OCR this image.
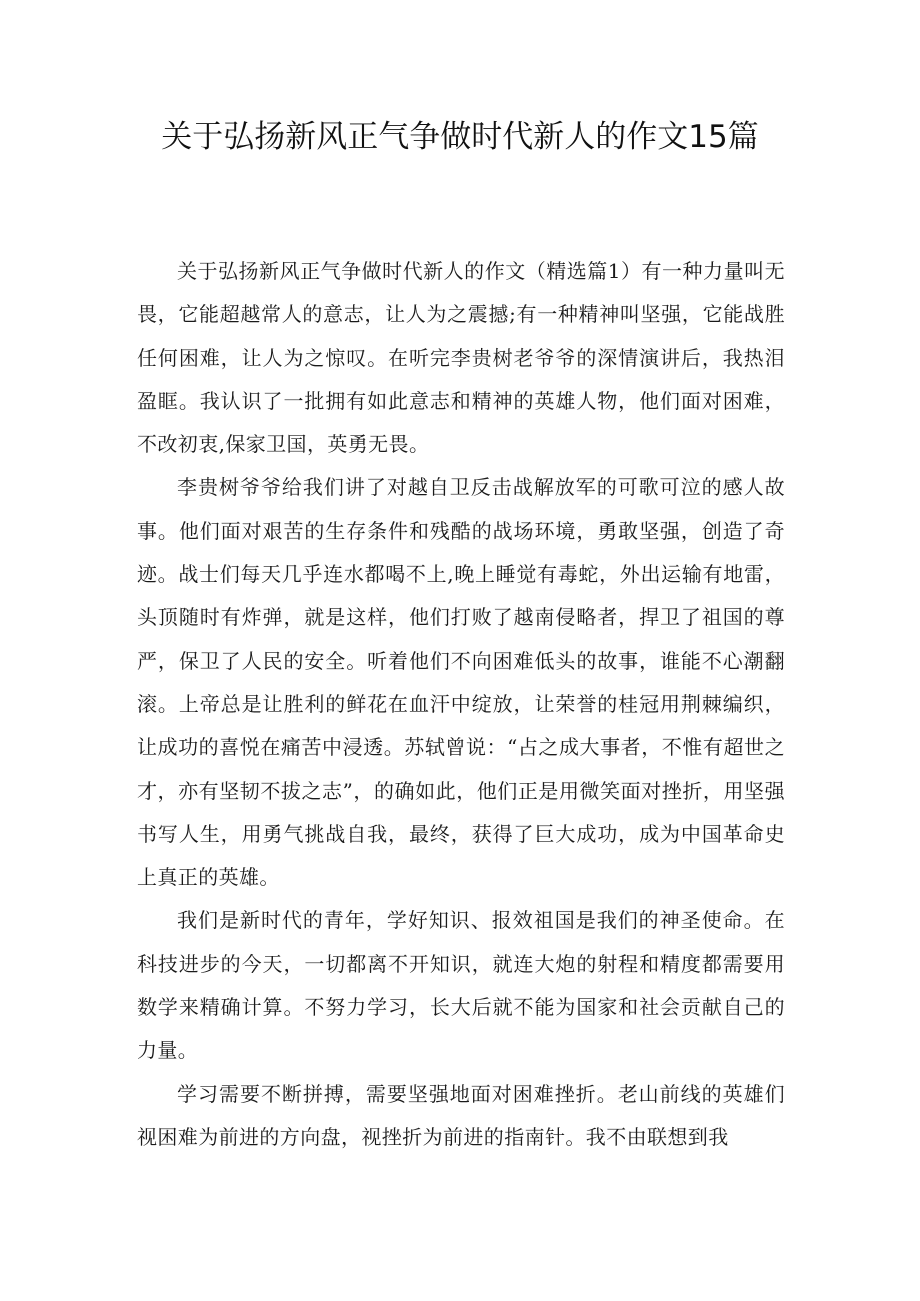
关于弘扬新风正气争做时代新人的作文15篇

关于弘扬新风正气争做时代新人的作文（精选篇1）有一种力量叫无畏，它能超越常人的意志，让人为之震撼;有一种精神叫坚强，它能战胜任何困难，让人为之惊叹。在听完李贵树老爷爷的深情演讲后，我热泪盈眶。我认识了一批拥有如此意志和精神的英雄人物，他们面对困难，不改初衷,保家卫国，英勇无畏。

李贵树爷爷给我们讲了对越自卫反击战解放军的可歌可泣的感人故事。他们面对艰苦的生存条件和残酷的战场环境，勇敢坚强，创造了奇迹。战士们每天几乎连水都喝不上,晚上睡觉有毒蛇，外出运输有地雷，头顶随时有炸弹，就是这样，他们打败了越南侵略者，捍卫了祖国的尊严，保卫了人民的安全。听着他们不向困难低头的故事，谁能不心潮翻滚。上帝总是让胜利的鲜花在血汗中绽放，让荣誉的桂冠用荆棘编织，让成功的喜悦在痛苦中浸透。苏轼曾说：“占之成大事者，不惟有超世之才，亦有坚韧不拔之志”，的确如此，他们正是用微笑面对挫折，用坚强书写人生，用勇气挑战自我，最终，获得了巨大成功，成为中国革命史上真正的英雄。

我们是新时代的青年，学好知识、报效祖国是我们的神圣使命。在科技进步的今天，一切都离不开知识，就连大炮的射程和精度都需要用数学来精确计算。不努力学习，长大后就不能为国家和社会贡献自己的力量。

学习需要不断拼搏，需要坚强地面对困难挫折。老山前线的英雄们视困难为前进的方向盘，视挫折为前进的指南针。我不由联想到我
